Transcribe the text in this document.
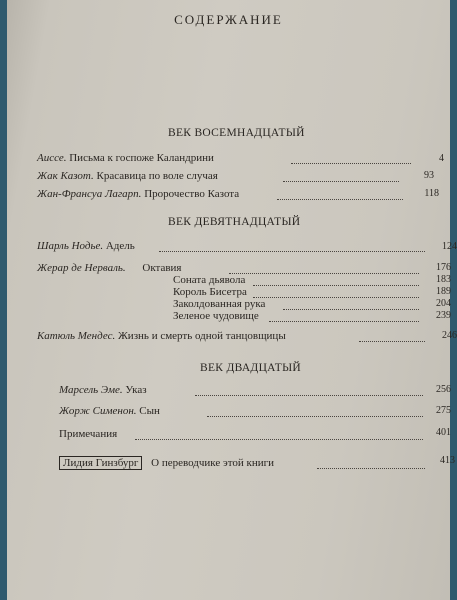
СОДЕРЖАНИЕ
ВЕК ВОСЕМНАДЦАТЫЙ
Аиссе. Письма к госпоже Каландрини	4
Жак Казот. Красавица по воле случая	93
Жан-Франсуа Лагарп. Пророчество Казота	118
ВЕК ДЕВЯТНАДЦАТЫЙ
Шарль Нодье. Адель	124
Жерар де Нерваль. Октавия	176
Соната дьявола	183
Король Бисетра	189
Заколдованная рука	204
Зеленое чудовище	239
Катюль Мендес. Жизнь и смерть одной танцовщицы	246
ВЕК ДВАДЦАТЫЙ
Марсель Эме. Указ	256
Жорж Сименон. Сын	275
Примечания	401
Лидия Гинзбург О переводчике этой книги	413
